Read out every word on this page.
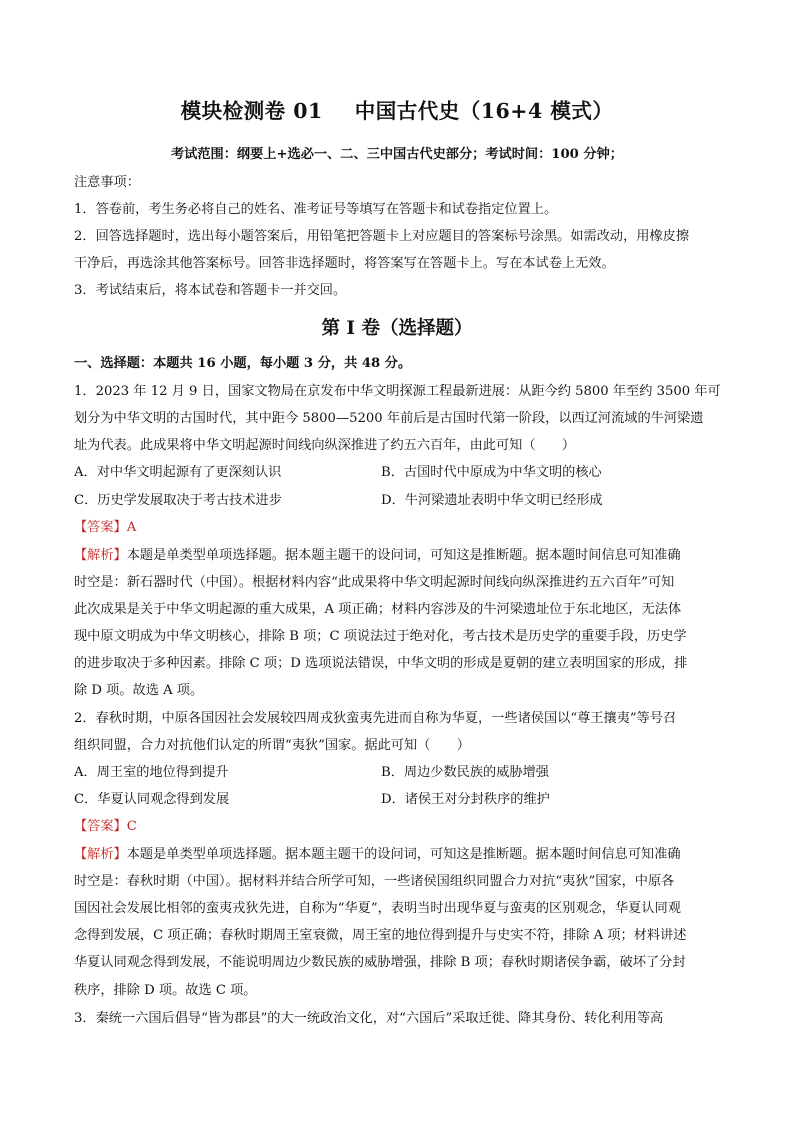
模块检测卷 01 中国古代史（16+4 模式）
考试范围：纲要上+选必一、二、三中国古代史部分；考试时间：100 分钟；
注意事项：
1．答卷前，考生务必将自己的姓名、准考证号等填写在答题卡和试卷指定位置上。
2．回答选择题时，选出每小题答案后，用铅笔把答题卡上对应题目的答案标号涂黑。如需改动，用橡皮擦
干净后，再选涂其他答案标号。回答非选择题时，将答案写在答题卡上。写在本试卷上无效。
3．考试结束后，将本试卷和答题卡一并交回。
第 I 卷（选择题）
一、选择题：本题共 16 小题，每小题 3 分，共 48 分。
1．2023 年 12 月 9 日，国家文物局在京发布中华文明探源工程最新进展：从距今约 5800 年至约 3500 年可
划分为中华文明的古国时代，其中距今 5800—5200 年前后是古国时代第一阶段，以西辽河流域的牛河梁遗
址为代表。此成果将中华文明起源时间线向纵深推进了约五六百年，由此可知（　　）
A．对中华文明起源有了更深刻认识	B．古国时代中原成为中华文明的核心
C．历史学发展取决于考古技术进步	D．牛河梁遗址表明中华文明已经形成
【答案】A
【解析】本题是单类型单项选择题。据本题主题干的设问词，可知这是推断题。据本题时间信息可知准确
时空是：新石器时代（中国）。根据材料内容“此成果将中华文明起源时间线向纵深推进约五六百年”可知
此次成果是关于中华文明起源的重大成果，A 项正确；材料内容涉及的牛河梁遗址位于东北地区，无法体
现中原文明成为中华文明核心，排除 B 项；C 项说法过于绝对化，考古技术是历史学的重要手段，历史学
的进步取决于多种因素。排除 C 项；D 选项说法错误，中华文明的形成是夏朝的建立表明国家的形成，排
除 D 项。故选 A 项。
2．春秋时期，中原各国因社会发展较四周戎狄蛮夷先进而自称为华夏，一些诸侯国以“尊王攘夷”等号召
组织同盟，合力对抗他们认定的所谓“夷狄”国家。据此可知（　　）
A．周王室的地位得到提升	B．周边少数民族的威胁增强
C．华夏认同观念得到发展	D．诸侯王对分封秩序的维护
【答案】C
【解析】本题是单类型单项选择题。据本题主题干的设问词，可知这是推断题。据本题时间信息可知准确
时空是：春秋时期（中国）。据材料并结合所学可知，一些诸侯国组织同盟合力对抗“夷狄”国家，中原各
国因社会发展比相邻的蛮夷戎狄先进，自称为“华夏”，表明当时出现华夏与蛮夷的区别观念，华夏认同观
念得到发展，C 项正确；春秋时期周王室衰微，周王室的地位得到提升与史实不符，排除 A 项；材料讲述
华夏认同观念得到发展，不能说明周边少数民族的威胁增强，排除 B 项；春秋时期诸侯争霸，破坏了分封
秩序，排除 D 项。故选 C 项。
3．秦统一六国后倡导“皆为郡县”的大一统政治文化，对“六国后”采取迁徙、降其身份、转化利用等高
